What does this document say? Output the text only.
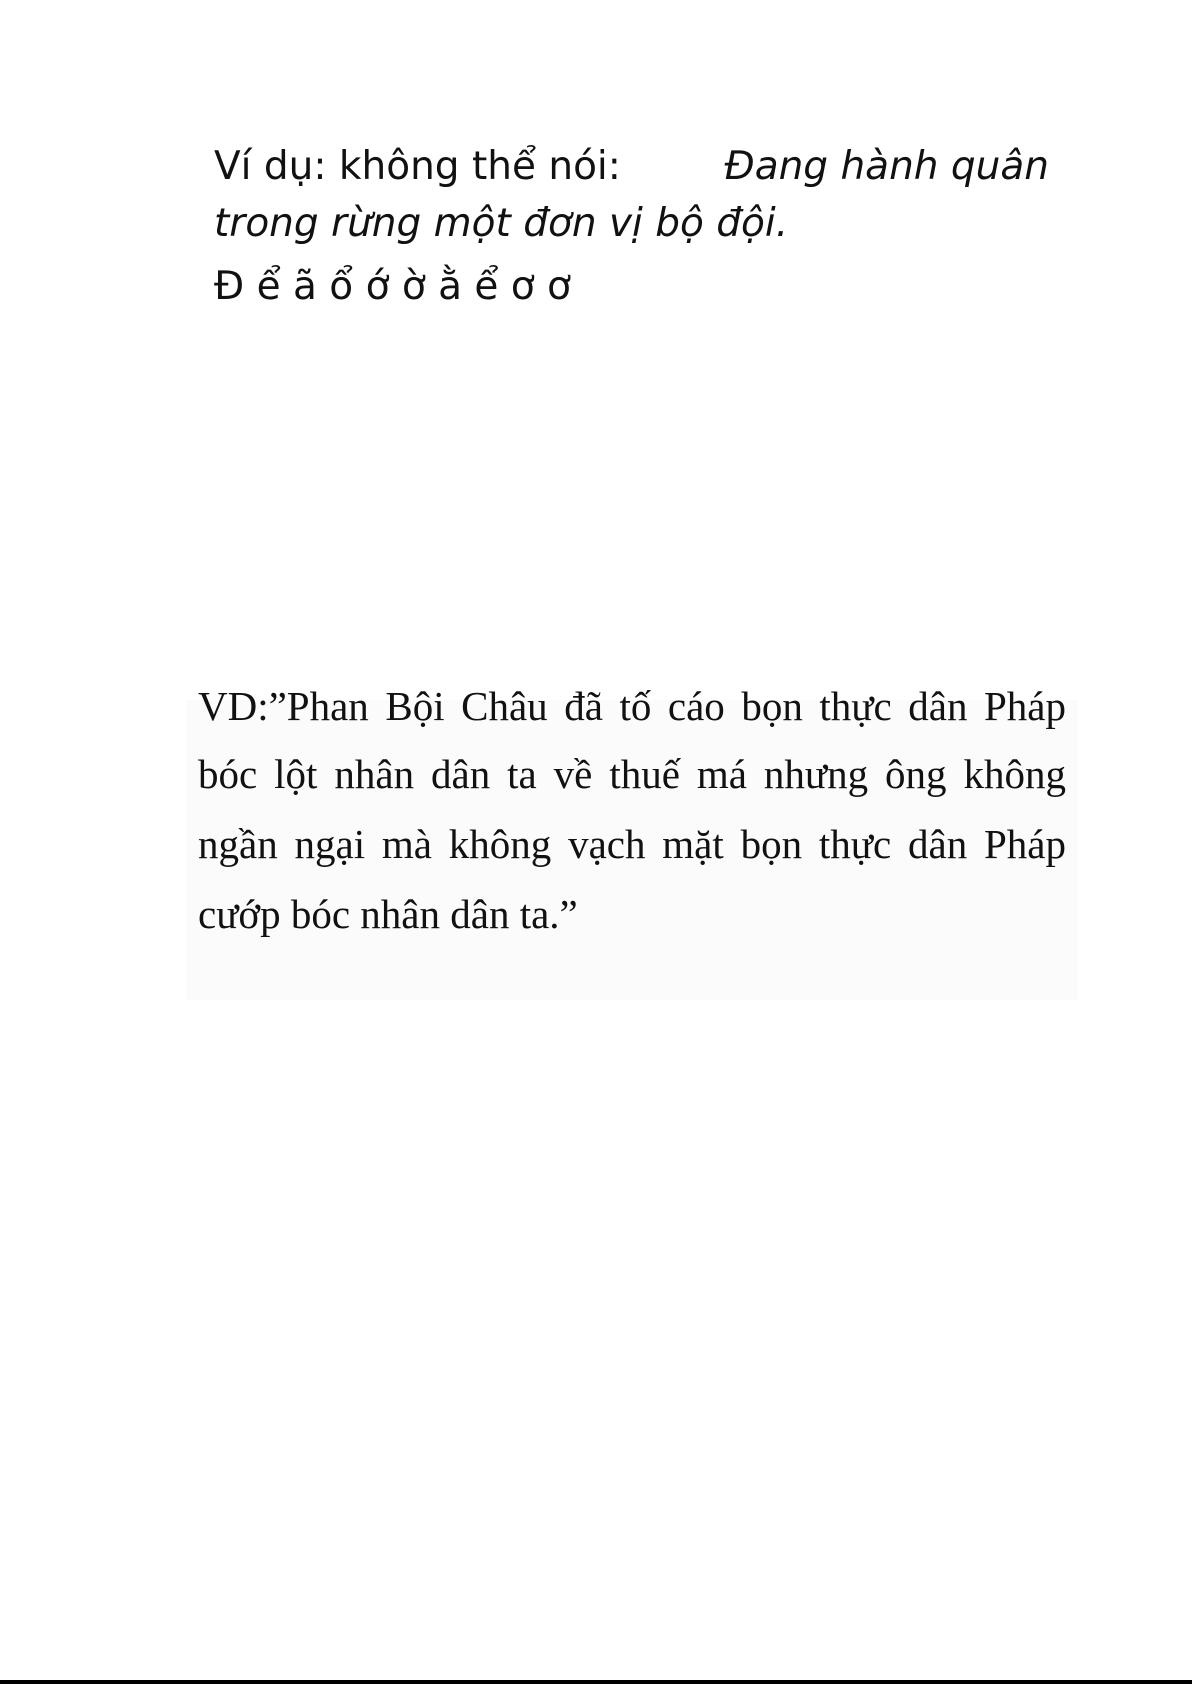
Ví dụ: không thể nói:	Đang hành quân
trong rừng một đơn vị bộ đội.
Đ ể ã ổ ớ ờ ằ ể ơ ơ
VD:”Phan Bội Châu đã tố cáo bọn thực dân Pháp
bóc lột nhân dân ta về thuế má nhưng ông không
ngần ngại mà không vạch mặt bọn thực dân Pháp
cướp bóc nhân dân ta.”
